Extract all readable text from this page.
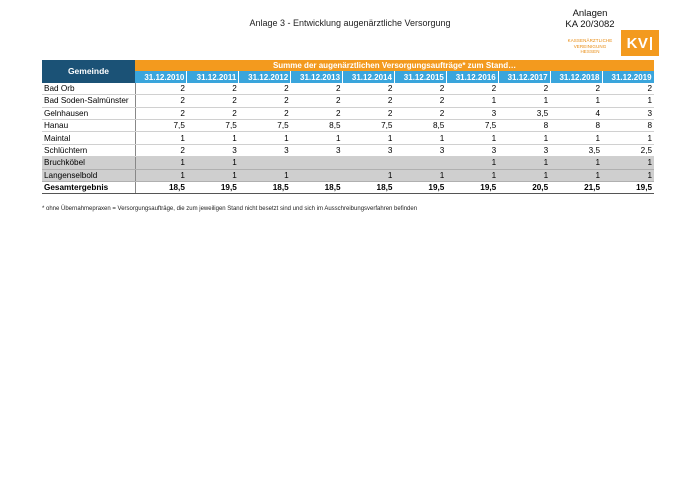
Anlage 3 - Entwicklung augenärztliche Versorgung
Anlagen
KA 20/3082
KASSENÄRZTLICHE
VEREINIGUNG
HESSEN	KV
Gemeinde	Summe der augenärztlichen Versorgungsaufträge* zum Stand…									
	31.12.2010	31.12.2011	31.12.2012	31.12.2013	31.12.2014	31.12.2015	31.12.2016	31.12.2017	31.12.2018	31.12.2019
Bad Orb	2	2	2	2	2	2	2	2	2	2
Bad Soden-Salmünster	2	2	2	2	2	2	1	1	1	1
Gelnhausen	2	2	2	2	2	2	3	3,5	4	3
Hanau	7,5	7,5	7,5	8,5	7,5	8,5	7,5	8	8	8
Maintal	1	1	1	1	1	1	1	1	1	1
Schlüchtern	2	3	3	3	3	3	3	3	3,5	2,5
Bruchköbel	1	1					1	1	1	1
Langenselbold	1	1	1		1	1	1	1	1	1
Gesamtergebnis	18,5	19,5	18,5	18,5	18,5	19,5	19,5	20,5	21,5	19,5
* ohne Übernahmepraxen = Versorgungsaufträge, die zum jeweiligen Stand nicht besetzt sind und sich im Ausschreibungsverfahren befinden
